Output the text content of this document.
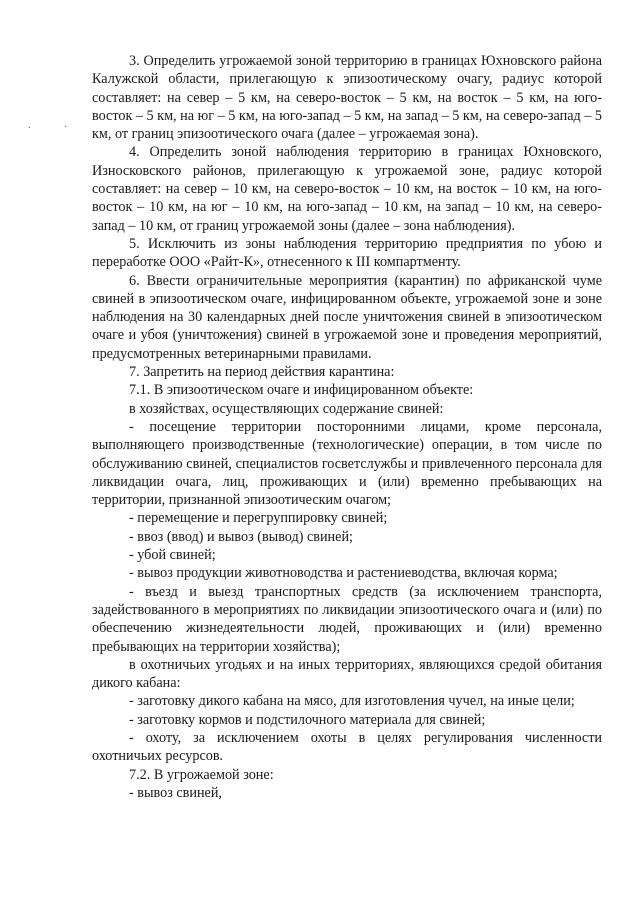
.	·

3. Определить угрожаемой зоной территорию в границах Юхновского района Калужской области, прилегающую к эпизоотическому очагу, радиус которой составляет: на север – 5 км, на северо-восток – 5 км, на восток – 5 км, на юго-восток – 5 км, на юг – 5 км, на юго-запад – 5 км, на запад – 5 км, на северо-запад – 5 км, от границ эпизоотического очага (далее – угрожаемая зона).

4. Определить зоной наблюдения территорию в границах Юхновского, Износковского районов, прилегающую к угрожаемой зоне, радиус которой составляет: на север – 10 км, на северо-восток – 10 км, на восток – 10 км, на юго-восток – 10 км, на юг – 10 км, на юго-запад – 10 км, на запад – 10 км, на северо-запад – 10 км, от границ угрожаемой зоны (далее – зона наблюдения).

5. Исключить из зоны наблюдения территорию предприятия по убою и переработке ООО «Райт-К», отнесенного к III компартменту.

6. Ввести ограничительные мероприятия (карантин) по африканской чуме свиней в эпизоотическом очаге, инфицированном объекте, угрожаемой зоне и зоне наблюдения на 30 календарных дней после уничтожения свиней в эпизоотическом очаге и убоя (уничтожения) свиней в угрожаемой зоне и проведения мероприятий, предусмотренных ветеринарными правилами.

7. Запретить на период действия карантина:

7.1. В эпизоотическом очаге и инфицированном объекте:

в хозяйствах, осуществляющих содержание свиней:

- посещение территории посторонними лицами, кроме персонала, выполняющего производственные (технологические) операции, в том числе по обслуживанию свиней, специалистов госветслужбы и привлеченного персонала для ликвидации очага, лиц, проживающих и (или) временно пребывающих на территории, признанной эпизоотическим очагом;

- перемещение и перегруппировку свиней;

- ввоз (ввод) и вывоз (вывод) свиней;

- убой свиней;

- вывоз продукции животноводства и растениеводства, включая корма;

- въезд и выезд транспортных средств (за исключением транспорта, задействованного в мероприятиях по ликвидации эпизоотического очага и (или) по обеспечению жизнедеятельности людей, проживающих и (или) временно пребывающих на территории хозяйства);

в охотничьих угодьях и на иных территориях, являющихся средой обитания дикого кабана:

- заготовку дикого кабана на мясо, для изготовления чучел, на иные цели;

- заготовку кормов и подстилочного материала для свиней;

- охоту, за исключением охоты в целях регулирования численности охотничьих ресурсов.

7.2. В угрожаемой зоне:

- вывоз свиней,
